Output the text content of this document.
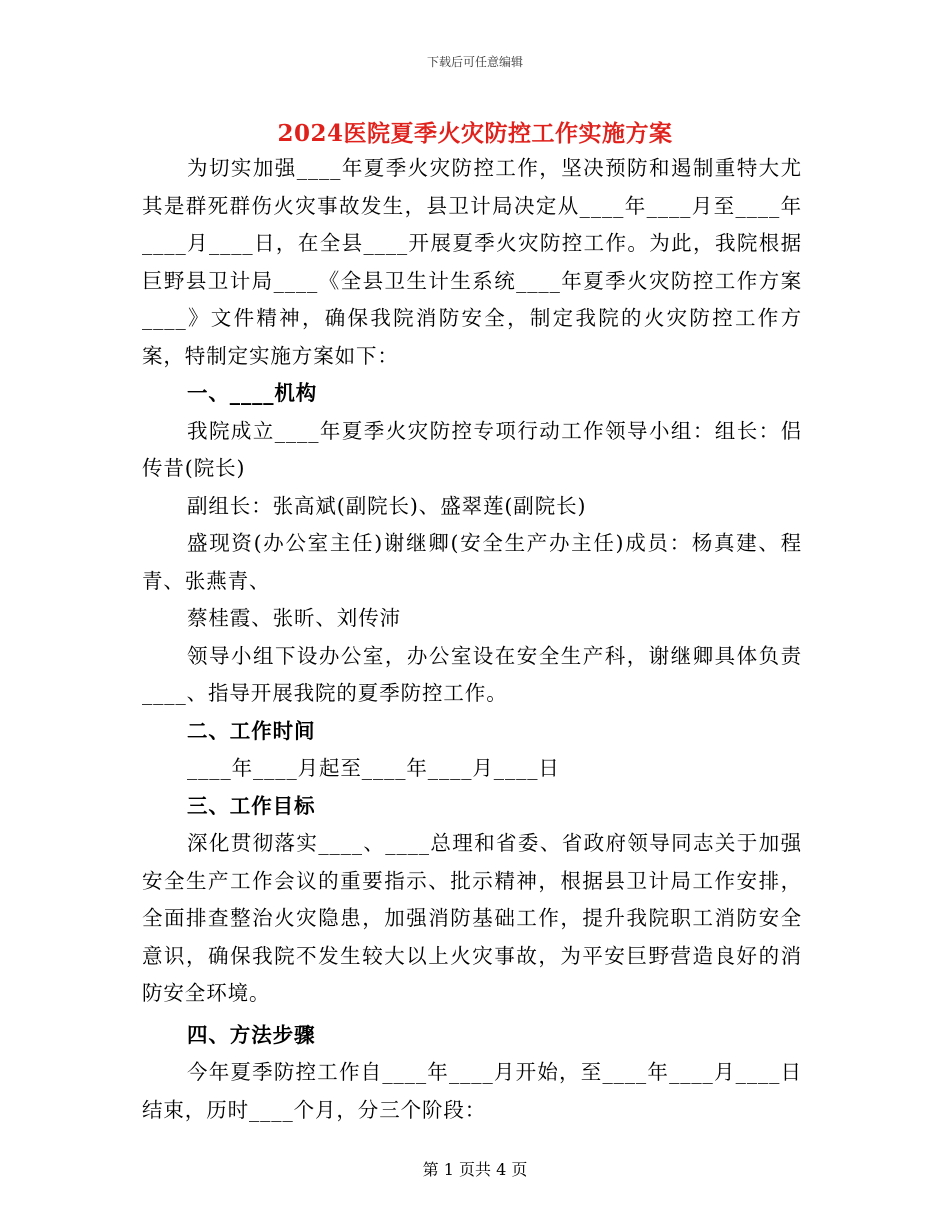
下载后可任意编辑
2024医院夏季火灾防控工作实施方案

为切实加强____年夏季火灾防控工作，坚决预防和遏制重特大尤其是群死群伤火灾事故发生，县卫计局决定从____年____月至____年____月____日，在全县____开展夏季火灾防控工作。为此，我院根据巨野县卫计局____《全县卫生计生系统____年夏季火灾防控工作方案____》文件精神，确保我院消防安全，制定我院的火灾防控工作方案，特制定实施方案如下：

一、____机构

我院成立____年夏季火灾防控专项行动工作领导小组：组长：侣传昔(院长)

副组长：张高斌(副院长)、盛翠莲(副院长)

盛现资(办公室主任)谢继卿(安全生产办主任)成员：杨真建、程青、张燕青、

蔡桂霞、张昕、刘传沛

领导小组下设办公室，办公室设在安全生产科，谢继卿具体负责____、指导开展我院的夏季防控工作。

二、工作时间

____年____月起至____年____月____日

三、工作目标

深化贯彻落实____、____总理和省委、省政府领导同志关于加强安全生产工作会议的重要指示、批示精神，根据县卫计局工作安排，全面排查整治火灾隐患，加强消防基础工作，提升我院职工消防安全意识，确保我院不发生较大以上火灾事故，为平安巨野营造良好的消防安全环境。

四、方法步骤

今年夏季防控工作自____年____月开始，至____年____月____日结束，历时____个月，分三个阶段：

第 1 页共 4 页
